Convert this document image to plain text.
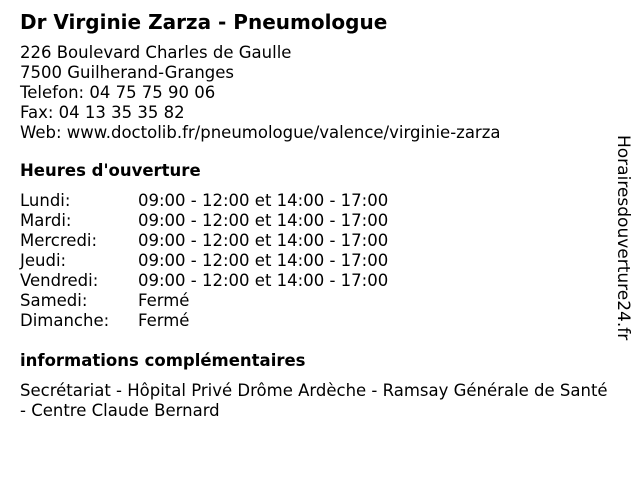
Dr Virginie Zarza - Pneumologue
226 Boulevard Charles de Gaulle
7500 Guilherand-Granges
Telefon: 04 75 75 90 06
Fax: 04 13 35 35 82
Web: www.doctolib.fr/pneumologue/valence/virginie-zarza
Heures d'ouverture
Lundi:	09:00 - 12:00 et 14:00 - 17:00
Mardi:	09:00 - 12:00 et 14:00 - 17:00
Mercredi:	09:00 - 12:00 et 14:00 - 17:00
Jeudi:	09:00 - 12:00 et 14:00 - 17:00
Vendredi:	09:00 - 12:00 et 14:00 - 17:00
Samedi:	Fermé
Dimanche:	Fermé
informations complémentaires
Secrétariat - Hôpital Privé Drôme Ardèche - Ramsay Générale de Santé - Centre Claude Bernard
Horairesdouverture24.fr
